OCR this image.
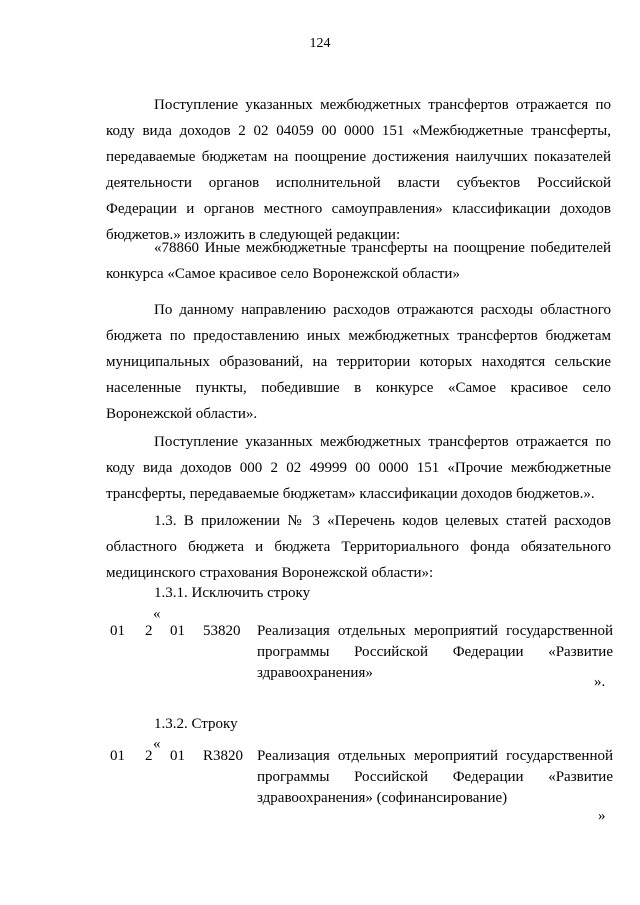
124
Поступление указанных межбюджетных трансфертов отражается по коду вида доходов 2 02 04059 00 0000 151 «Межбюджетные трансферты, передаваемые бюджетам на поощрение достижения наилучших показателей деятельности органов исполнительной власти субъектов Российской Федерации и органов местного самоуправления» классификации доходов бюджетов.» изложить в следующей редакции:
«78860 Иные межбюджетные трансферты на поощрение победителей конкурса «Самое красивое село Воронежской области»
По данному направлению расходов отражаются расходы областного бюджета по предоставлению иных межбюджетных трансфертов бюджетам муниципальных образований, на территории которых находятся сельские населенные пункты, победившие в конкурсе «Самое красивое село Воронежской области».
Поступление указанных межбюджетных трансфертов отражается по коду вида доходов 000 2 02 49999 00 0000 151 «Прочие межбюджетные трансферты, передаваемые бюджетам» классификации доходов бюджетов.».
1.3. В приложении № 3 «Перечень кодов целевых статей расходов областного бюджета и бюджета Территориального фонда обязательного медицинского страхования Воронежской области»:
1.3.1. Исключить строку
«
01 2 01 53820 Реализация отдельных мероприятий государственной
программы Российской Федерации «Развитие
здравоохранения»
».
1.3.2. Строку
«
01 2 01 R3820 Реализация отдельных мероприятий государственной
программы Российской Федерации «Развитие
здравоохранения» (софинансирование)
»
